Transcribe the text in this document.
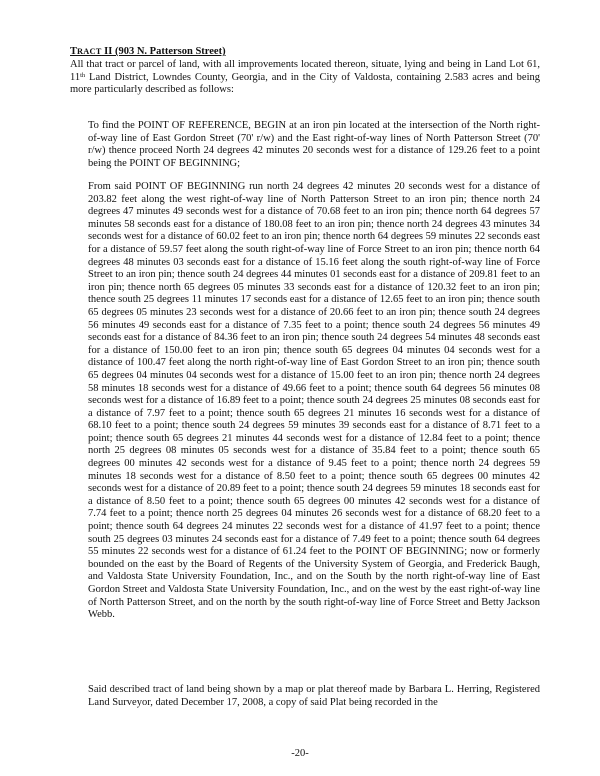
TRACT II (903 N. Patterson Street)
All that tract or parcel of land, with all improvements located thereon, situate, lying and being in Land Lot 61, 11th Land District, Lowndes County, Georgia, and in the City of Valdosta, containing 2.583 acres and being more particularly described as follows:
To find the POINT OF REFERENCE, BEGIN at an iron pin located at the intersection of the North right-of-way line of East Gordon Street (70' r/w) and the East right-of-way lines of North Patterson Street (70' r/w) thence proceed North 24 degrees 42 minutes 20 seconds west for a distance of 129.26 feet to a point being the POINT OF BEGINNING;
From said POINT OF BEGINNING run north 24 degrees 42 minutes 20 seconds west for a distance of 203.82 feet along the west right-of-way line of North Patterson Street to an iron pin; thence north 24 degrees 47 minutes 49 seconds west for a distance of 70.68 feet to an iron pin; thence north 64 degrees 57 minutes 58 seconds east for a distance of 180.08 feet to an iron pin; thence north 24 degrees 43 minutes 34 seconds west for a distance of 60.02 feet to an iron pin; thence north 64 degrees 59 minutes 22 seconds east for a distance of 59.57 feet along the south right-of-way line of Force Street to an iron pin; thence north 64 degrees 48 minutes 03 seconds east for a distance of 15.16 feet along the south right-of-way line of Force Street to an iron pin; thence south 24 degrees 44 minutes 01 seconds east for a distance of 209.81 feet to an iron pin; thence north 65 degrees 05 minutes 33 seconds east for a distance of 120.32 feet to an iron pin; thence south 25 degrees 11 minutes 17 seconds east for a distance of 12.65 feet to an iron pin; thence south 65 degrees 05 minutes 23 seconds west for a distance of 20.66 feet to an iron pin; thence south 24 degrees 56 minutes 49 seconds east for a distance of 7.35 feet to a point; thence south 24 degrees 56 minutes 49 seconds east for a distance of 84.36 feet to an iron pin; thence south 24 degrees 54 minutes 48 seconds east for a distance of 150.00 feet to an iron pin; thence south 65 degrees 04 minutes 04 seconds west for a distance of 100.47 feet along the north right-of-way line of East Gordon Street to an iron pin; thence south 65 degrees 04 minutes 04 seconds west for a distance of 15.00 feet to an iron pin; thence north 24 degrees 58 minutes 18 seconds west for a distance of 49.66 feet to a point; thence south 64 degrees 56 minutes 08 seconds west for a distance of 16.89 feet to a point; thence south 24 degrees 25 minutes 08 seconds east for a distance of 7.97 feet to a point; thence south 65 degrees 21 minutes 16 seconds west for a distance of 68.10 feet to a point; thence south 24 degrees 59 minutes 39 seconds east for a distance of 8.71 feet to a point; thence south 65 degrees 21 minutes 44 seconds west for a distance of 12.84 feet to a point; thence north 25 degrees 08 minutes 05 seconds west for a distance of 35.84 feet to a point; thence south 65 degrees 00 minutes 42 seconds west for a distance of 9.45 feet to a point; thence north 24 degrees 59 minutes 18 seconds west for a distance of 8.50 feet to a point; thence south 65 degrees 00 minutes 42 seconds west for a distance of 20.89 feet to a point; thence south 24 degrees 59 minutes 18 seconds east for a distance of 8.50 feet to a point; thence south 65 degrees 00 minutes 42 seconds west for a distance of 7.74 feet to a point; thence north 25 degrees 04 minutes 26 seconds west for a distance of 68.20 feet to a point; thence south 64 degrees 24 minutes 22 seconds west for a distance of 41.97 feet to a point; thence south 25 degrees 03 minutes 24 seconds east for a distance of 7.49 feet to a point; thence south 64 degrees 55 minutes 22 seconds west for a distance of 61.24 feet to the POINT OF BEGINNING; now or formerly bounded on the east by the Board of Regents of the University System of Georgia, and Frederick Baugh, and Valdosta State University Foundation, Inc., and on the South by the north right-of-way line of East Gordon Street and Valdosta State University Foundation, Inc., and on the west by the east right-of-way line of North Patterson Street, and on the north by the south right-of-way line of Force Street and Betty Jackson Webb.
Said described tract of land being shown by a map or plat thereof made by Barbara L. Herring, Registered Land Surveyor, dated December 17, 2008, a copy of said Plat being recorded in the
-20-
